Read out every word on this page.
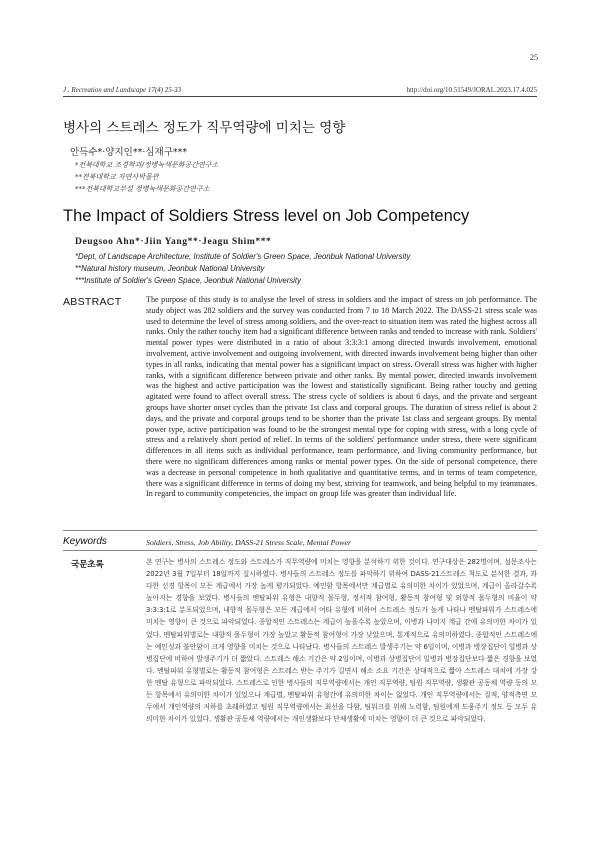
25
J . Recreation and Landscape 17(4) 25-33	http://doi.org/10.51549/JORAL.2023.17.4.025
병사의 스트레스 정도가 직무역량에 미치는 영향
안득수*·양지인**·심재구***
*전북대학교 조경학과/정병녹색문화공간연구소
**전북대학교 자연사박물관
***전북대학교부설 정병녹색문화공간연구소
The Impact of Soldiers Stress level on Job Competency
Deugsoo Ahn*·Jiin Yang**·Jeagu Shim***
*Dept, of Landscape Architecture, Institute of Soldier's Green Space, Jeonbuk National University
**Natural history museum, Jeonbuk National University
***Institute of Soldier's Green Space, Jeonbuk National University
ABSTRACT	The purpose of this study is to analyse the level of stress in soldiers and the impact of stress on job performance. The study object was 282 soldiers and the survey was conducted from 7 to 18 March 2022. The DASS-21 stress scale was used to determine the level of stress among soldiers, and the over-react to situation item was rated the highest across all ranks. Only the rather touchy item had a significant difference between ranks and tended to increase with rank. Soldiers' mental power types were distributed in a ratio of about 3:3:3:1 among directed inwards involvement, emotional involvement, active involvement and outgoing involvement, with directed inwards involvement being higher than other types in all ranks, indicating that mental power has a significant impact on stress. Overall stress was higher with higher ranks, with a significant difference between private and other ranks. By mental power, directed inwards involvement was the highest and active participation was the lowest and statistically significant. Being rather touchy and getting agitated were found to affect overall stress. The stress cycle of soldiers is about 6 days, and the private and sergeant groups have shorter onset cycles than the private 1st class and corporal groups. The duration of stress relief is about 2 days, and the private and corporal groups tend to be shorter than the private 1st class and sergeant groups. By mental power type, active participation was found to be the strongest mental type for coping with stress, with a long cycle of stress and a relatively short period of relief. In terms of the soldiers' performance under stress, there were significant differences in all items such as individual performance, team performance, and living community performance, but there were no significant differences among ranks or mental power types. On the side of personal competence, there was a decrease in personal competence in both qualitative and quantitative terms, and in terms of team competence, there was a significant difference in terms of doing my best, striving for teamwork, and being helpful to my teammates. In regard to community competencies, the impact on group life was greater than individual life.

Keywords	Soldiers, Stress, Job Ability, DASS-21 Stress Scale, Mental Power
국문초록	본 연구는 병사의 스트레스 정도와 스트레스가 직무역량에 미치는 영향을 분석하기 위한 것이다. 연구대상은 282명이며, 설문조사는 2022년 3월 7일부터 18일까지 실시하였다. 병사들의 스트레스 정도를 파악하기 위하여 DASS-21스트레스 척도로 분석한 결과, 과다한 신경 항목이 모든 계급에서 가장 높게 평가되었다. 예민함 항목에서만 계급별로 유의미한 차이가 있었으며, 계급이 올라갈수록 높아지는 경향을 보였다. 병사들의 멘탈파워 유형은 내향적 몰두형, 정서적 참여형, 활동적 참여형 및 외향적 몰두형의 비율이 약 3:3:3:1로 분포되었으며, 내향적 몰두형은 모든 계급에서 여타 유형에 비하여 스트레스 정도가 높게 나타나 멘탈파워가 스트레스에 미치는 영향이 큰 것으로 파악되었다. 종합적인 스트레스는 계급이 높을수록 높았으며, 이병과 나머지 계급 간에 유의미한 차이가 있었다. 멘탈파워별로는 내향적 몰두형이 가장 높았고 활동적 참여형이 가장 낮았으며, 통계적으로 유의미하였다. 종합적인 스트레스에는 예민성과 불안함이 크게 영향을 미치는 것으로 나타났다. 병사들의 스트레스 발생주기는 약 6일이며, 이병과 병장집단이 일병과 상병집단에 비하여 발생주기가 더 짧았다. 스트레스 해소 기간은 약 2일이며, 이병과 상병집단이 일병과 병장집단보다 짧은 경향을 보였다. 멘탈파워 유형별로는 활동적 참여형은 스트레스 받는 주기가 길면서 해소 소요 기간은 상대적으로 짧아 스트레스 대처에 가장 강한 멘탈 유형으로 파악되었다. 스트레스로 인한 병사들의 직무역량에서는 개인 직무역량, 팀원 직무역량, 생활관 공동체 역량 등의 모든 항목에서 유의미한 차이가 있었으나 계급별, 멘탈파워 유형간에 유의미한 차이는 없었다. 개인 직무역량에서는 질적, 양적측면 모두에서 개인역량의 저하를 초래하였고 팀원 직무역량에서는 최선을 다함, 팀워크를 위해 노력함, 팀원에게 도움주기 정도 등 모두 유의미한 차이가 있었다. 생활관 공동체 역량에서는 개인생활보다 단체생활에 미치는 영향이 더 큰 것으로 파악되었다.
